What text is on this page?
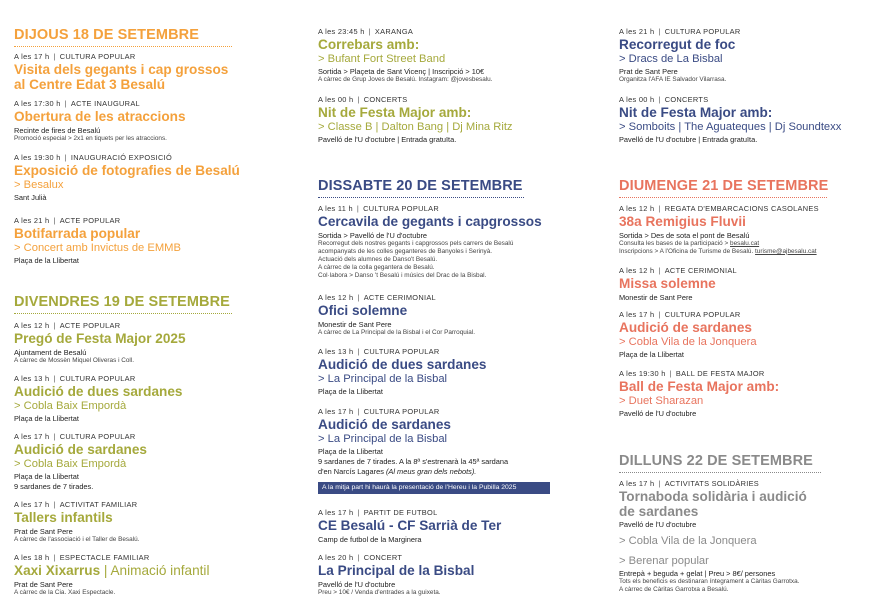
DIJOUS 18 DE SETEMBRE
A les 17 h | CULTURA POPULAR
Visita dels gegants i cap grossos
al Centre Edat 3 Besalú
A les 17:30 h | ACTE INAUGURAL
Obertura de les atraccions
Recinte de fires de Besalú
Promoció especial > 2x1 en tiquets per les atraccions.
A les 19:30 h | INAUGURACIÓ EXPOSICIÓ
Exposició de fotografies de Besalú
> Besalux
Sant Julià
A les 21 h | ACTE POPULAR
Botifarrada popular
> Concert amb Invictus de EMMB
Plaça de la Llibertat
DIVENDRES 19 DE SETEMBRE
A les 12 h | ACTE POPULAR
Pregó de Festa Major 2025
Ajuntament de Besalú
A càrrec de Mossèn Miquel Oliveras i Coll.
A les 13 h | CULTURA POPULAR
Audició de dues sardanes
> Cobla Baix Empordà
Plaça de la Llibertat
A les 17 h | CULTURA POPULAR
Audició de sardanes
> Cobla Baix Empordà
Plaça de la Llibertat
9 sardanes de 7 tirades.
A les 17 h | ACTIVITAT FAMILIAR
Tallers infantils
Prat de Sant Pere
A càrrec de l'associació i el Taller de Besalú.
A les 18 h | ESPECTACLE FAMILIAR
Xaxi Xixarrus | Animació infantil
Prat de Sant Pere
A càrrec de la Cia. Xaxi Espectacle.
A les 23:45 h | XARANGA
Correbars amb:
> Bufant Fort Street Band
Sortida > Plaçeta de Sant Vicenç | Inscripció > 10€
A càrrec de Grup Joves de Besalú. Instagram: @jovesbesalu.
A les 00 h | CONCERTS
Nit de Festa Major amb:
> Classe B | Dalton Bang | Dj Mina Ritz
Pavelló de l'U d'octubre | Entrada gratuïta.
DISSABTE 20 DE SETEMBRE
A les 11 h | CULTURA POPULAR
Cercavila de gegants i capgrossos
Sortida > Pavelló de l'U d'octubre
Recorregut dels nostres gegants i capgrossos pels carrers de Besalú
acompanyats de les colles geganteres de Banyoles i Serinyà.
Actuació dels alumnes de Danso't Besalú.
A càrrec de la colla gegantera de Besalú.
Col·labora > Danso 't Besalú i músics del Drac de la Bisbal.
A les 12 h | ACTE CERIMONIAL
Ofici solemne
Monestir de Sant Pere
A càrrec de La Principal de la Bisbal i el Cor Parroquial.
A les 13 h | CULTURA POPULAR
Audició de dues sardanes
> La Principal de la Bisbal
Plaça de la Llibertat
A les 17 h | CULTURA POPULAR
Audició de sardanes
> La Principal de la Bisbal
Plaça de la Llibertat
9 sardanes de 7 tirades. A la 8ª s'estrenarà la 45ª sardana
d'en Narcís Lagares (Al meus gran dels nebots).
A la mitja part hi haurà la presentació de l'Hereu i la Pubilla 2025
A les 17 h | PARTIT DE FUTBOL
CE Besalú - CF Sarrià de Ter
Camp de futbol de la Marginera
A les 20 h | CONCERT
La Principal de la Bisbal
Pavelló de l'U d'octubre
Preu > 10€ / Venda d'entrades a la guixeta.
A les 21 h | CULTURA POPULAR
Recorregut de foc
> Dracs de La Bisbal
Prat de Sant Pere
Organitza l'AFA IE Salvador Vilarrasa.
A les 00 h | CONCERTS
Nit de Festa Major amb:
> Somboits | The Aguateques | Dj Soundtexx
Pavelló de l'U d'octubre | Entrada gratuïta.
DIUMENGE 21 DE SETEMBRE
A les 12 h | REGATA D'EMBARCACIONS CASOLANES
38a Remigius Fluvii
Sortida > Des de sota el pont de Besalú
Consulta les bases de la participació > besalu.cat
Inscripcions > A l'Oficina de Turisme de Besalú. turisme@ajbesalu.cat
A les 12 h | ACTE CERIMONIAL
Missa solemne
Monestir de Sant Pere
A les 17 h | CULTURA POPULAR
Audició de sardanes
> Cobla Vila de la Jonquera
Plaça de la Llibertat
A les 19:30 h | BALL DE FESTA MAJOR
Ball de Festa Major amb:
> Duet Sharazan
Pavelló de l'U d'octubre
DILLUNS 22 DE SETEMBRE
A les 17 h | ACTIVITATS SOLIDÀRIES
Tornaboda solidària i audició
de sardanes
Pavelló de l'U d'octubre
> Cobla Vila de la Jonquera
> Berenar popular
Entrepà + beguda + gelat | Preu > 8€/ persones
Tots els beneficis es destinaran íntegrament a Càritas Garrotxa.
A càrrec de Càritas Garrotxa a Besalú.
